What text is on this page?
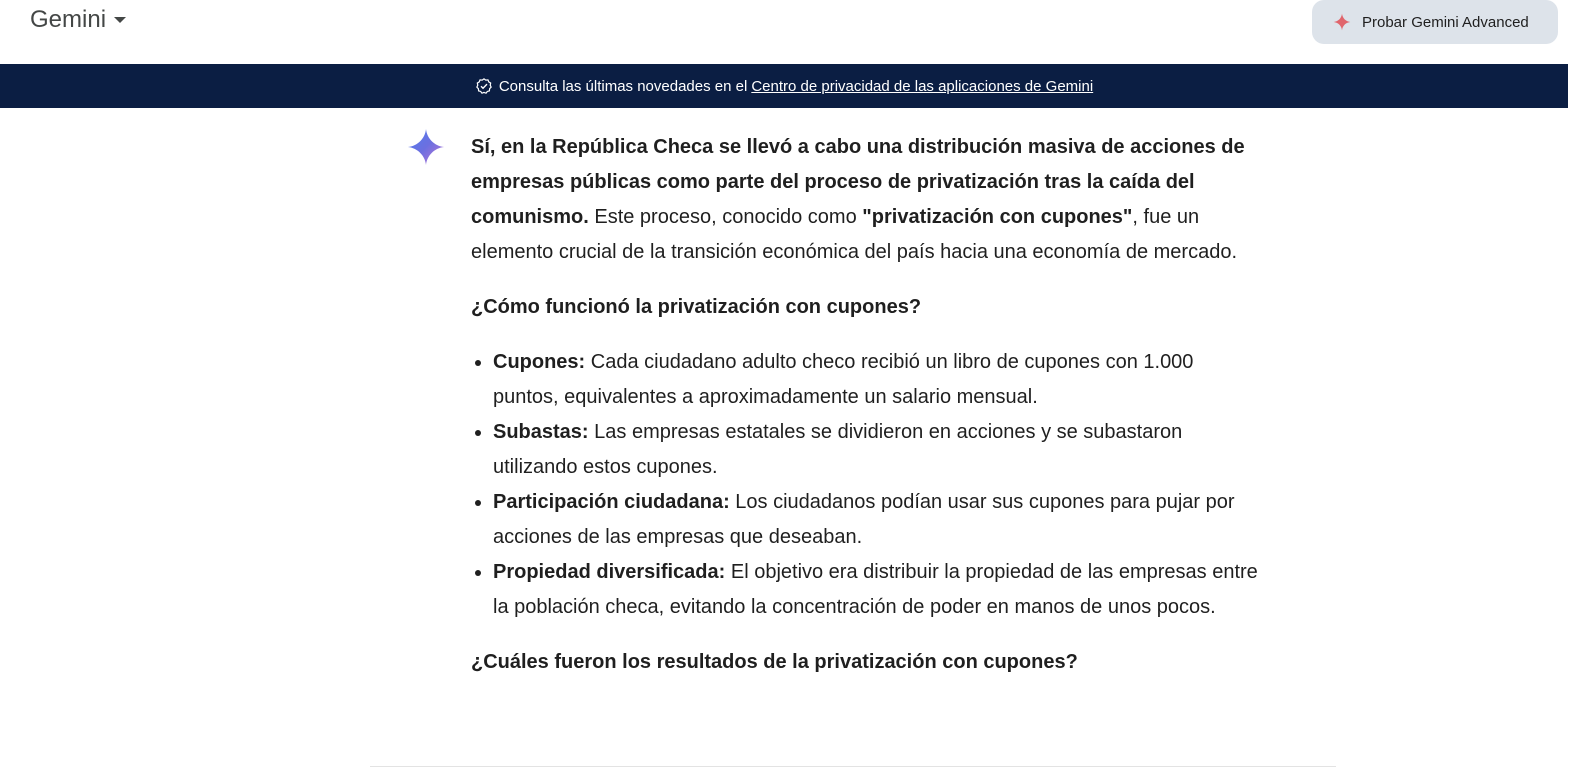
Gemini	Probar Gemini Advanced
Consulta las últimas novedades en el Centro de privacidad de las aplicaciones de Gemini

Sí, en la República Checa se llevó a cabo una distribución masiva de acciones de empresas públicas como parte del proceso de privatización tras la caída del comunismo. Este proceso, conocido como "privatización con cupones", fue un elemento crucial de la transición económica del país hacia una economía de mercado.

¿Cómo funcionó la privatización con cupones?
• Cupones: Cada ciudadano adulto checo recibió un libro de cupones con 1.000 puntos, equivalentes a aproximadamente un salario mensual.
• Subastas: Las empresas estatales se dividieron en acciones y se subastaron utilizando estos cupones.
• Participación ciudadana: Los ciudadanos podían usar sus cupones para pujar por acciones de las empresas que deseaban.
• Propiedad diversificada: El objetivo era distribuir la propiedad de las empresas entre la población checa, evitando la concentración de poder en manos de unos pocos.
¿Cuáles fueron los resultados de la privatización con cupones?
